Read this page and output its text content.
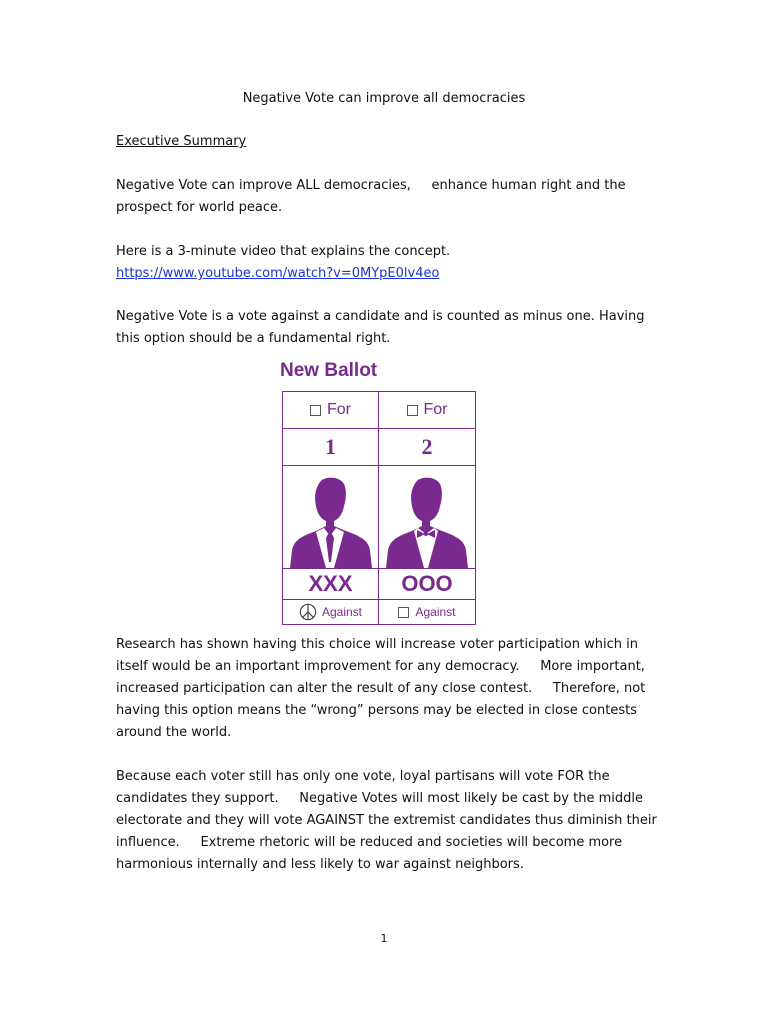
Negative Vote can improve all democracies
Executive Summary
Negative Vote can improve ALL democracies,     enhance human right and the prospect for world peace.
Here is a 3-minute video that explains the concept.
https://www.youtube.com/watch?v=0MYpE0lv4eo
Negative Vote is a vote against a candidate and is counted as minus one. Having this option should be a fundamental right.
New Ballot
For
1
XXX
Against
For
2
OOO
Against
Research has shown having this choice will increase voter participation which in itself would be an important improvement for any democracy.     More important, increased participation can alter the result of any close contest.     Therefore, not having this option means the “wrong” persons may be elected in close contests around the world.
Because each voter still has only one vote, loyal partisans will vote FOR the candidates they support.     Negative Votes will most likely be cast by the middle electorate and they will vote AGAINST the extremist candidates thus diminish their influence.     Extreme rhetoric will be reduced and societies will become more harmonious internally and less likely to war against neighbors.
1
